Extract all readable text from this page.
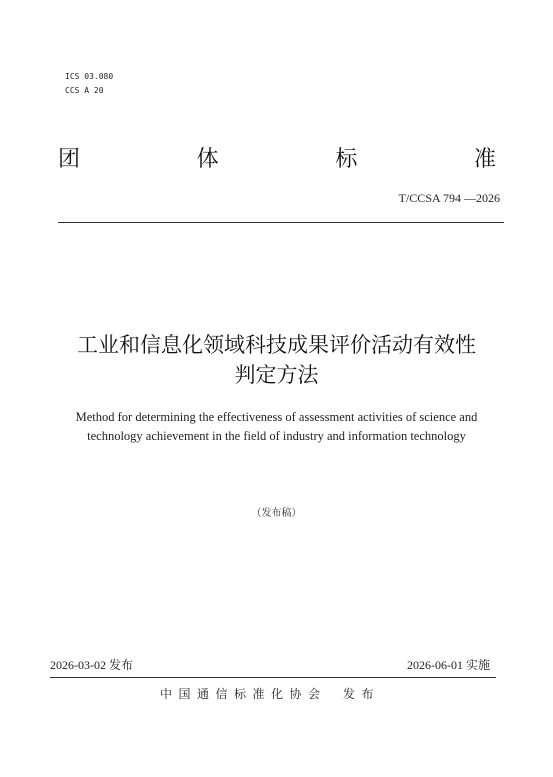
ICS 03.080
CCS A 20
团	体	标	准
T/CCSA 794 —2026
工业和信息化领域科技成果评价活动有效性
判定方法
Method for determining the effectiveness of assessment activities of science and
technology achievement in the field of industry and information technology
（发布稿）
2026-03-02 发布	2026-06-01 实施
中国通信标准化协会 发布
